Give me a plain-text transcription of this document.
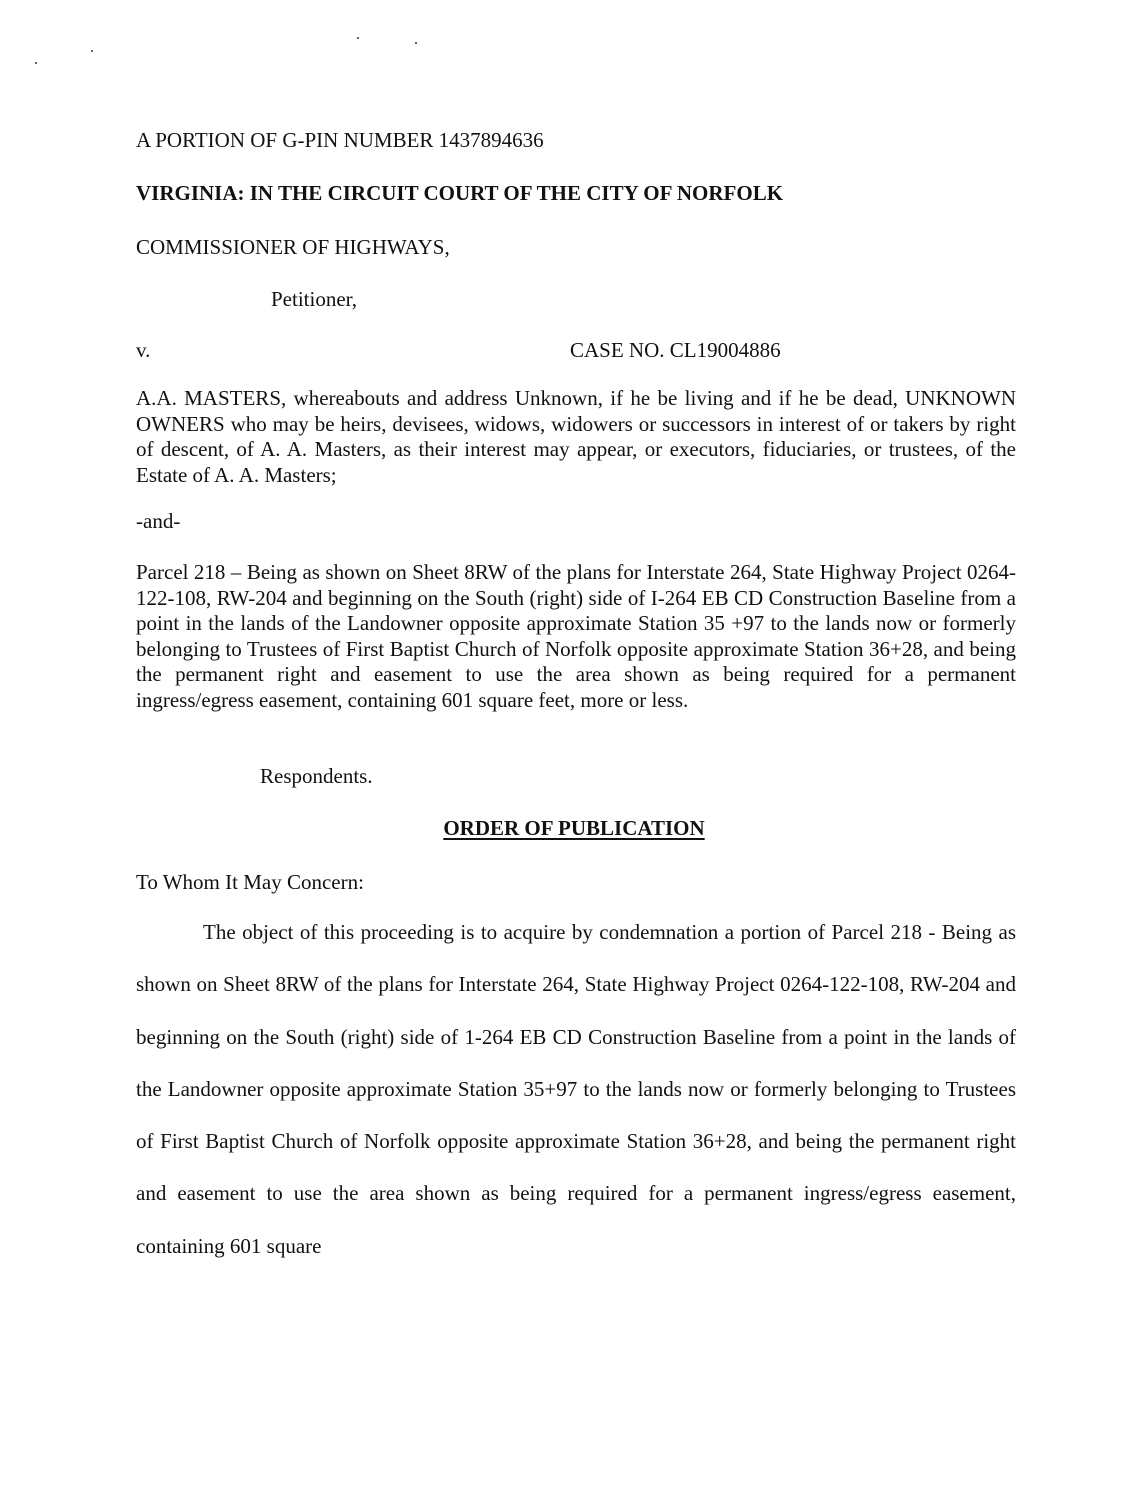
A PORTION OF G-PIN NUMBER 1437894636
VIRGINIA: IN THE CIRCUIT COURT OF THE CITY OF NORFOLK
COMMISSIONER OF HIGHWAYS,
Petitioner,
v.	CASE NO. CL19004886
A.A. MASTERS, whereabouts and address Unknown, if he be living and if he be dead, UNKNOWN OWNERS who may be heirs, devisees, widows, widowers or successors in interest of or takers by right of descent, of A. A. Masters, as their interest may appear, or executors, fiduciaries, or trustees, of the Estate of A. A. Masters;
-and-
Parcel 218 – Being as shown on Sheet 8RW of the plans for Interstate 264, State Highway Project 0264-122-108, RW-204 and beginning on the South (right) side of I-264 EB CD Construction Baseline from a point in the lands of the Landowner opposite approximate Station 35 +97 to the lands now or formerly belonging to Trustees of First Baptist Church of Norfolk opposite approximate Station 36+28, and being the permanent right and easement to use the area shown as being required for a permanent ingress/egress easement, containing 601 square feet, more or less.
Respondents.
ORDER OF PUBLICATION
To Whom It May Concern:
The object of this proceeding is to acquire by condemnation a portion of Parcel 218 - Being as shown on Sheet 8RW of the plans for Interstate 264, State Highway Project 0264-122-108, RW-204 and beginning on the South (right) side of 1-264 EB CD Construction Baseline from a point in the lands of the Landowner opposite approximate Station 35+97 to the lands now or formerly belonging to Trustees of First Baptist Church of Norfolk opposite approximate Station 36+28, and being the permanent right and easement to use the area shown as being required for a permanent ingress/egress easement, containing 601 square
